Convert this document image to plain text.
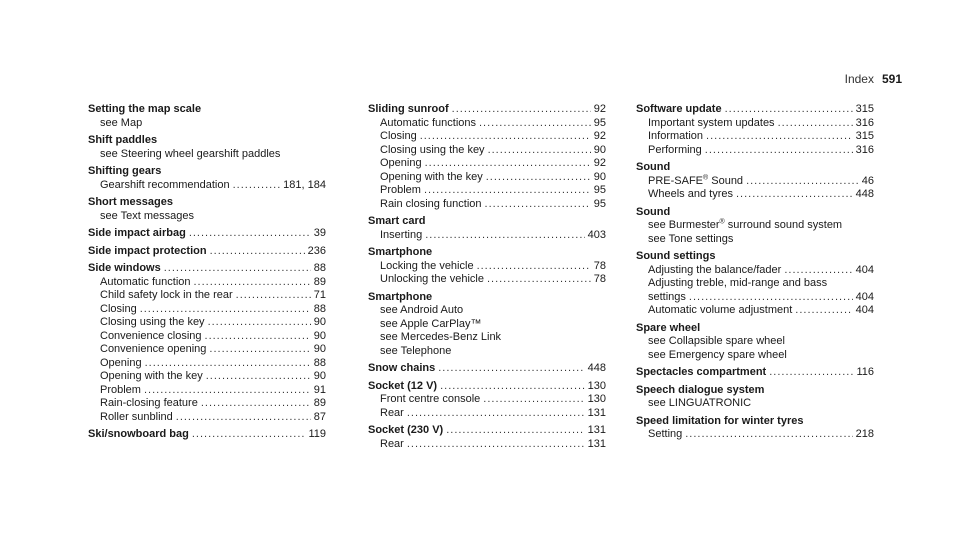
Index 591
Setting the map scale
see Map
Shift paddles
see Steering wheel gearshift paddles
Shifting gears
Gearshift recommendation .....	181, 184
Short messages
see Text messages
Side impact airbag .....	39
Side impact protection .....	236
Side windows .....	88
Automatic function .....	89
Child safety lock in the rear .....	71
Closing .....	88
Closing using the key .....	90
Convenience closing .....	90
Convenience opening .....	90
Opening .....	88
Opening with the key .....	90
Problem .....	91
Rain-closing feature .....	89
Roller sunblind .....	87
Ski/snowboard bag .....	119
Sliding sunroof .....	92
Automatic functions .....	95
Closing .....	92
Closing using the key .....	90
Opening .....	92
Opening with the key .....	90
Problem .....	95
Rain closing function .....	95
Smart card
Inserting .....	403
Smartphone
Locking the vehicle .....	78
Unlocking the vehicle .....	78
Smartphone
see Android Auto
see Apple CarPlay™
see Mercedes-Benz Link
see Telephone
Snow chains .....	448
Socket (12 V) .....	130
Front centre console .....	130
Rear .....	131
Socket (230 V) .....	131
Rear .....	131
Software update .....	315
Important system updates .....	316
Information .....	315
Performing .....	316
Sound
PRE-SAFE® Sound .....	46
Wheels and tyres .....	448
Sound
see Burmester® surround sound system
see Tone settings
Sound settings
Adjusting the balance/fader .....	404
Adjusting treble, mid-range and bass
settings .....	404
Automatic volume adjustment .....	404
Spare wheel
see Collapsible spare wheel
see Emergency spare wheel
Spectacles compartment .....	116
Speech dialogue system
see LINGUATRONIC
Speed limitation for winter tyres
Setting .....	218
